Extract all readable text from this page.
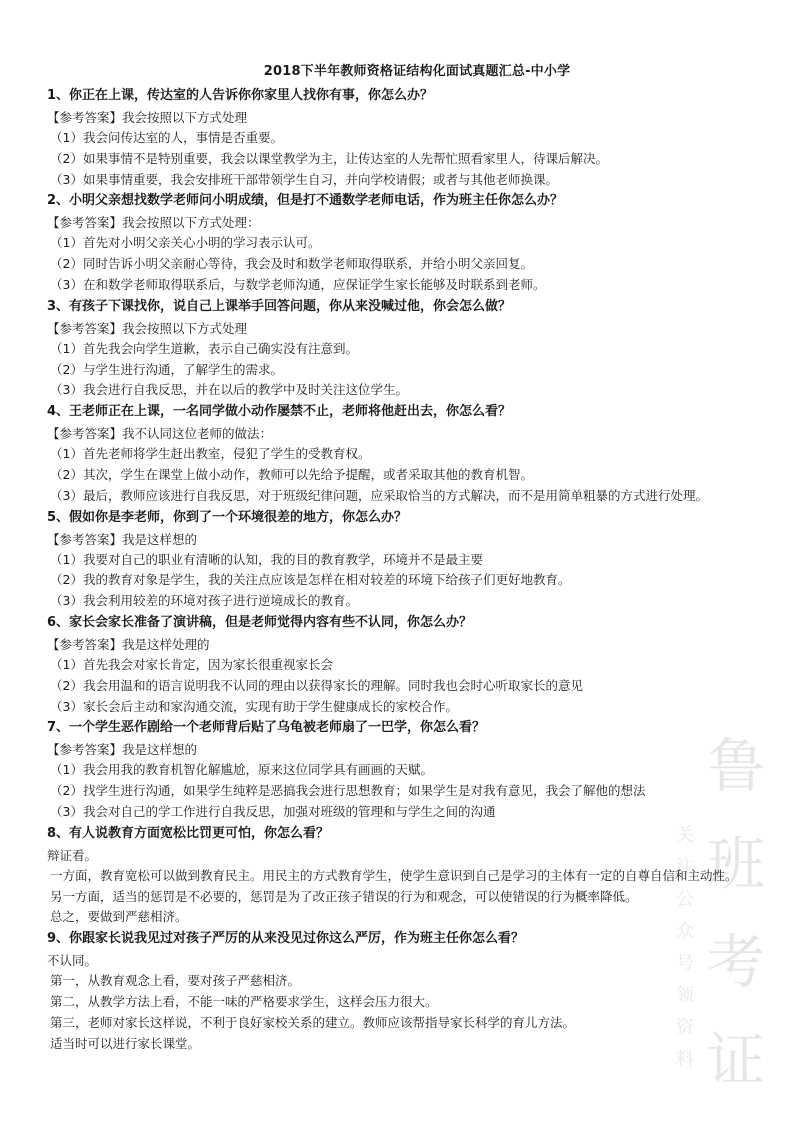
鲁班考证
关注公众号领资料
2018下半年教师资格证结构化面试真题汇总-中小学

1、你正在上课，传达室的人告诉你你家里人找你有事，你怎么办？

【参考答案】我会按照以下方式处理

（1）我会问传达室的人，事情是否重要。

（2）如果事情不是特别重要，我会以课堂教学为主，让传达室的人先帮忙照看家里人，待课后解决。

（3）如果事情重要，我会安排班干部带领学生自习，并向学校请假；或者与其他老师换课。

2、小明父亲想找数学老师问小明成绩，但是打不通数学老师电话，作为班主任你怎么办？

【参考答案】我会按照以下方式处理：

（1）首先对小明父亲关心小明的学习表示认可。

（2）同时告诉小明父亲耐心等待，我会及时和数学老师取得联系，并给小明父亲回复。

（3）在和数学老师取得联系后，与数学老师沟通，应保证学生家长能够及时联系到老师。

3、有孩子下课找你，说自己上课举手回答问题，你从来没喊过他，你会怎么做？

【参考答案】我会按照以下方式处理

（1）首先我会向学生道歉，表示自己确实没有注意到。

（2）与学生进行沟通，了解学生的需求。

（3）我会进行自我反思，并在以后的教学中及时关注这位学生。

4、王老师正在上课，一名同学做小动作屡禁不止，老师将他赶出去，你怎么看？

【参考答案】我不认同这位老师的做法：

（1）首先老师将学生赶出教室，侵犯了学生的受教育权。

（2）其次，学生在课堂上做小动作，教师可以先给予提醒，或者采取其他的教育机智。

（3）最后，教师应该进行自我反思，对于班级纪律问题，应采取恰当的方式解决，而不是用简单粗暴的方式进行处理。

5、假如你是李老师，你到了一个环境很差的地方，你怎么办？

【参考答案】我是这样想的

（1）我要对自己的职业有清晰的认知，我的目的教育教学，环境并不是最主要

（2）我的教育对象是学生，我的关注点应该是怎样在相对较差的环境下给孩子们更好地教育。

（3）我会利用较差的环境对孩子进行逆境成长的教育。

6、家长会家长准备了演讲稿，但是老师觉得内容有些不认同，你怎么办？

【参考答案】我是这样处理的

（1）首先我会对家长肯定，因为家长很重视家长会

（2）我会用温和的语言说明我不认同的理由以获得家长的理解。同时我也会时心听取家长的意见

（3）家长会后主动和家沟通交流，实现有助于学生健康成长的家校合作。

7、一个学生恶作剧给一个老师背后贴了乌龟被老师扇了一巴学，你怎么看？

【参考答案】我是这样想的

（1）我会用我的教育机智化解尴尬，原来这位同学具有画画的天赋。

（2）找学生进行沟通，如果学生纯粹是恶搞我会进行思想教育；如果学生是对我有意见，我会了解他的想法

（3）我会对自己的学工作进行自我反思，加强对班级的管理和与学生之间的沟通

8、有人说教育方面宽松比罚更可怕，你怎么看？

辩证看。

一方面，教育宽松可以做到教育民主。用民主的方式教育学生，使学生意识到自己是学习的主体有一定的自尊自信和主动性。

另一方面，适当的惩罚是不必要的，惩罚是为了改正孩子错误的行为和观念，可以使错误的行为概率降低。

总之，要做到严慈相济。

9、你跟家长说我见过对孩子严厉的从来没见过你这么严厉，作为班主任你怎么看？

不认同。

第一，从教育观念上看，要对孩子严慈相济。

第二，从教学方法上看，不能一味的严格要求学生，这样会压力很大。

第三，老师对家长这样说，不利于良好家校关系的建立。教师应该帮指导家长科学的育儿方法。

适当时可以进行家长课堂。
